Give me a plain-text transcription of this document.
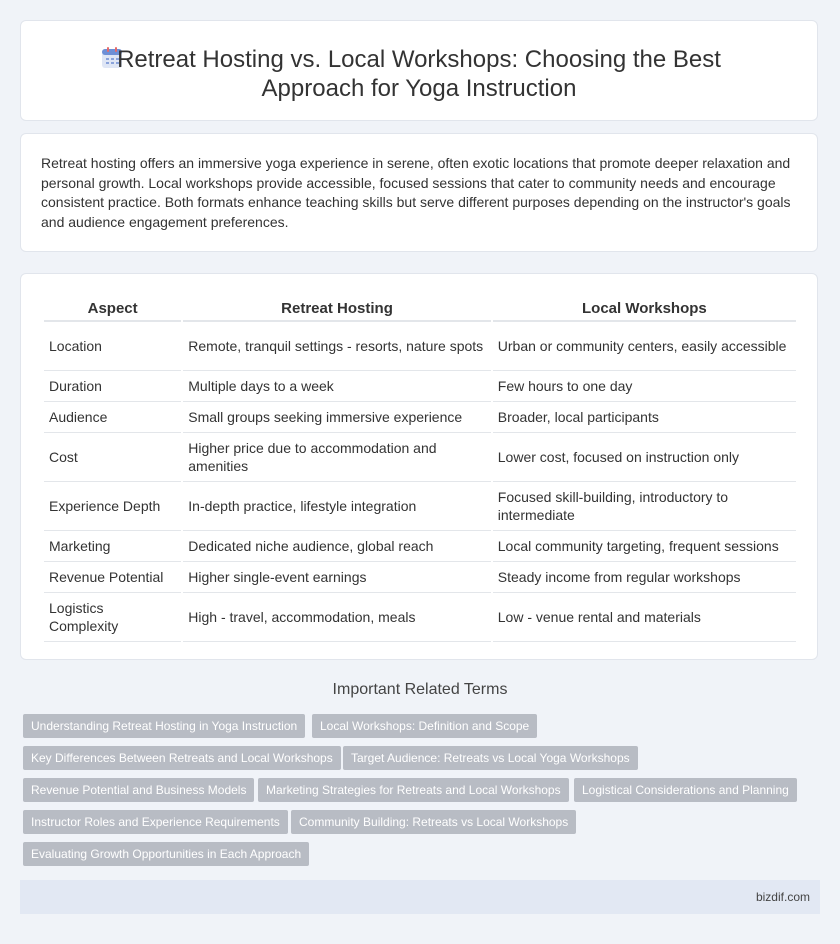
Retreat Hosting vs. Local Workshops: Choosing the Best
Approach for Yoga Instruction

Retreat hosting offers an immersive yoga experience in serene, often exotic locations that promote deeper relaxation and personal growth. Local workshops provide accessible, focused sessions that cater to community needs and encourage consistent practice. Both formats enhance teaching skills but serve different purposes depending on the instructor's goals and audience engagement preferences.

Aspect	Retreat Hosting	Local Workshops
Location	Remote, tranquil settings - resorts, nature spots	Urban or community centers, easily accessible
Duration	Multiple days to a week	Few hours to one day
Audience	Small groups seeking immersive experience	Broader, local participants
Cost	Higher price due to accommodation and amenities	Lower cost, focused on instruction only
Experience Depth	In-depth practice, lifestyle integration	Focused skill-building, introductory to intermediate
Marketing	Dedicated niche audience, global reach	Local community targeting, frequent sessions
Revenue Potential	Higher single-event earnings	Steady income from regular workshops
Logistics Complexity	High - travel, accommodation, meals	Low - venue rental and materials
Important Related Terms
Understanding Retreat Hosting in Yoga Instruction	Local Workshops: Definition and Scope
Key Differences Between Retreats and Local Workshops	Target Audience: Retreats vs Local Yoga Workshops
Revenue Potential and Business Models	Marketing Strategies for Retreats and Local Workshops	Logistical Considerations and Planning
Instructor Roles and Experience Requirements	Community Building: Retreats vs Local Workshops
Evaluating Growth Opportunities in Each Approach
bizdif.com
